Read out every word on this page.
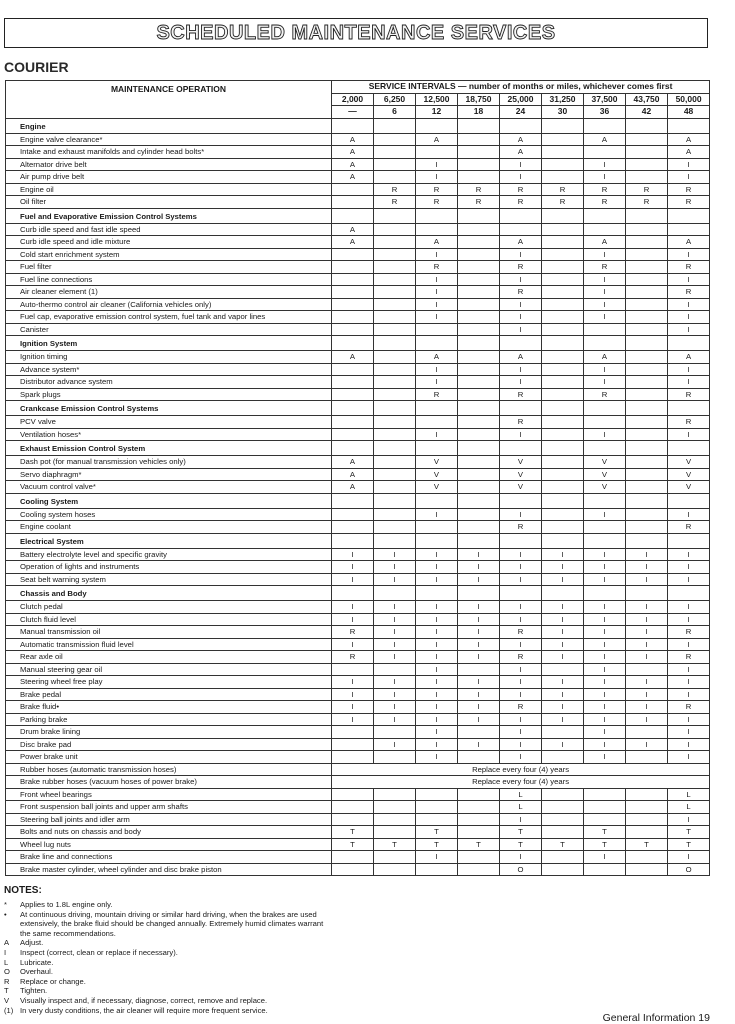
SCHEDULED MAINTENANCE SERVICES
COURIER
MAINTENANCE OPERATION	SERVICE INTERVALS — number of months or miles, whichever comes first								
	2,000	6,250	12,500	18,750	25,000	31,250	37,500	43,750	50,000
	—	6	12	18	24	30	36	42	48
Engine									
Engine valve clearance*	A		A		A		A		A
Intake and exhaust manifolds and cylinder head bolts*	A				A				A
Alternator drive belt	A		I		I		I		I
Air pump drive belt	A		I		I		I		I
Engine oil		R	R	R	R	R	R	R	R
Oil filter		R	R	R	R	R	R	R	R
Fuel and Evaporative Emission Control Systems									
Curb idle speed and fast idle speed	A								
Curb idle speed and idle mixture	A		A		A		A		A
Cold start enrichment system			I		I		I		I
Fuel filter			R		R		R		R
Fuel line connections			I		I		I		I
Air cleaner element (1)			I		R		I		R
Auto-thermo control air cleaner (California vehicles only)			I		I		I		I
Fuel cap, evaporative emission control system, fuel tank and vapor lines			I		I		I		I
Canister					I				I
Ignition System									
Ignition timing	A		A		A		A		A
Advance system*			I		I		I		I
Distributor advance system			I		I		I		I
Spark plugs			R		R		R		R
Crankcase Emission Control Systems									
PCV valve					R				R
Ventilation hoses*			I		I		I		I
Exhaust Emission Control System									
Dash pot (for manual transmission vehicles only)	A		V		V		V		V
Servo diaphragm*	A		V		V		V		V
Vacuum control valve*	A		V		V		V		V
Cooling System									
Cooling system hoses			I		I		I		I
Engine coolant					R				R
Electrical System									
Battery electrolyte level and specific gravity	I	I	I	I	I	I	I	I	I
Operation of lights and instruments	I	I	I	I	I	I	I	I	I
Seat belt warning system	I	I	I	I	I	I	I	I	I
Chassis and Body									
Clutch pedal	I	I	I	I	I	I	I	I	I
Clutch fluid level	I	I	I	I	I	I	I	I	I
Manual transmission oil	R	I	I	I	R	I	I	I	R
Automatic transmission fluid level	I	I	I	I	I	I	I	I	I
Rear axle oil	R	I	I	I	R	I	I	I	R
Manual steering gear oil			I		I		I		I
Steering wheel free play	I	I	I	I	I	I	I	I	I
Brake pedal	I	I	I	I	I	I	I	I	I
Brake fluid•	I	I	I	I	R	I	I	I	R
Parking brake	I	I	I	I	I	I	I	I	I
Drum brake lining			I		I		I		I
Disc brake pad		I	I	I	I	I	I	I	I
Power brake unit			I		I		I		I
Rubber hoses (automatic transmission hoses)	Replace every four (4) years								
Brake rubber hoses (vacuum hoses of power brake)	Replace every four (4) years								
Front wheel bearings					L				L
Front suspension ball joints and upper arm shafts					L				L
Steering ball joints and idler arm					I				I
Bolts and nuts on chassis and body	T		T		T		T		T
Wheel lug nuts	T	T	T	T	T	T	T	T	T
Brake line and connections			I		I		I		I
Brake master cylinder, wheel cylinder and disc brake piston					O				O
NOTES:
*	Applies to 1.8L engine only.
•	At continuous driving, mountain driving or similar hard driving, when the brakes are used extensively, the brake fluid should be changed annually. Extremely humid climates warrant the same recommendations.
A	Adjust.
I	Inspect (correct, clean or replace if necessary).
L	Lubricate.
O	Overhaul.
R	Replace or change.
T	Tighten.
V	Visually inspect and, if necessary, diagnose, correct, remove and replace.
(1) In very dusty conditions, the air cleaner will require more frequent service.
General Information 19
